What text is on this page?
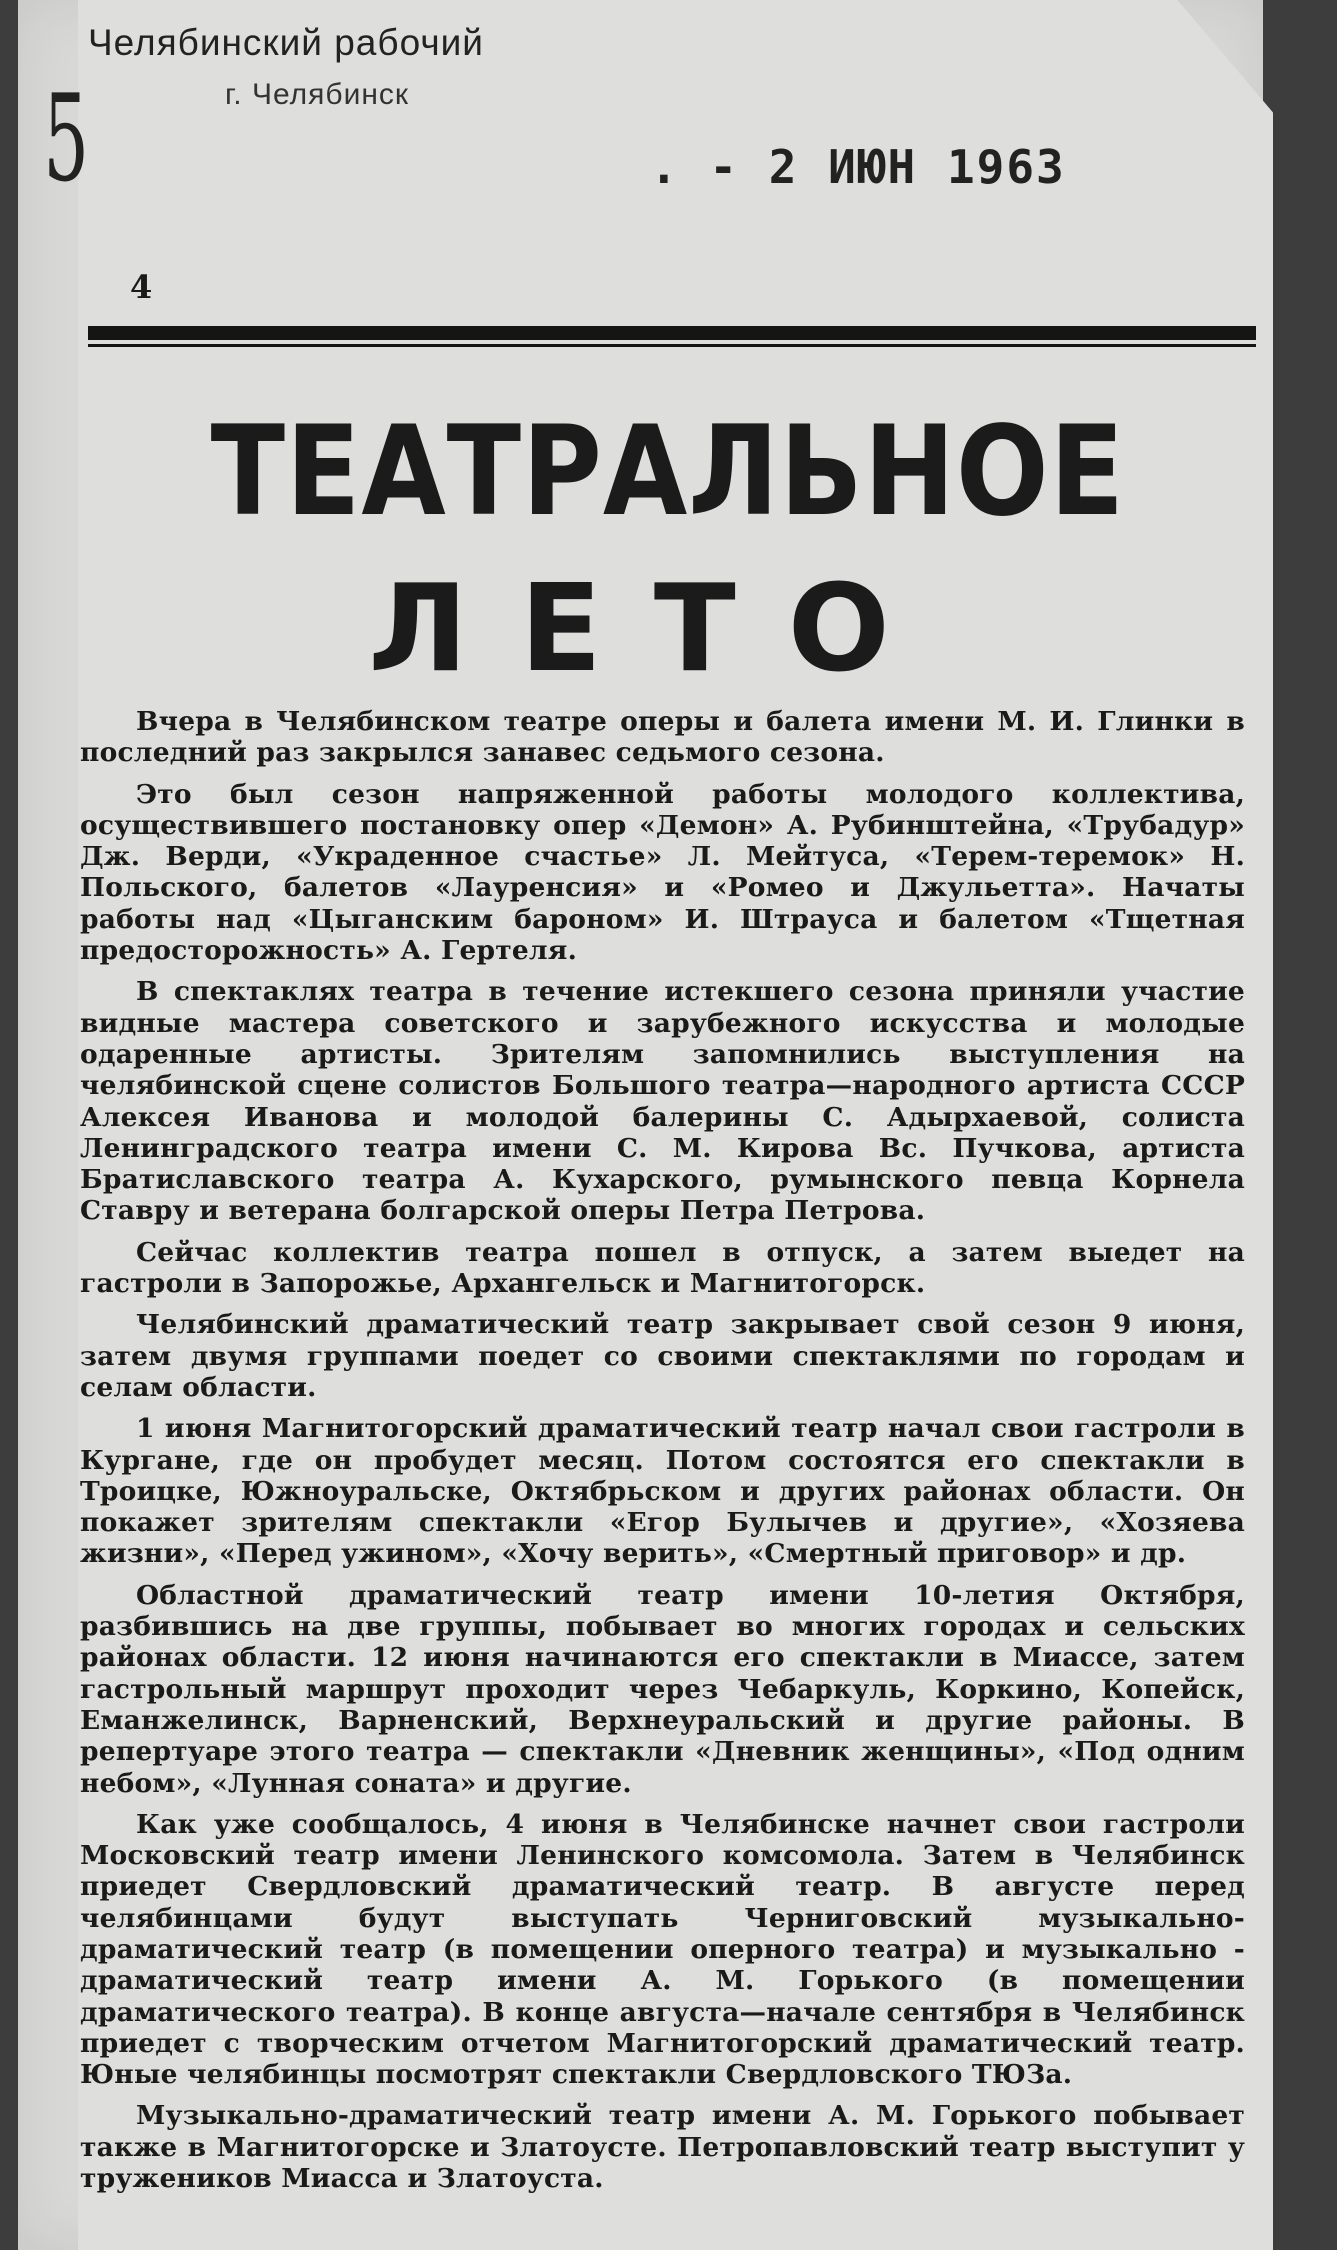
5
Челябинский рабочий
г. Челябинск
. - 2 ИЮН 1963
4
ТЕАТРАЛЬНОЕ
ЛЕТО

Вчера в Челябинском театре оперы и балета имени М. И. Глинки в последний раз закрылся занавес седьмого сезона.

Это был сезон напряженной работы молодого коллектива, осуществившего постановку опер «Демон» А. Рубинштейна, «Трубадур» Дж. Верди, «Украденное счастье» Л. Мейтуса, «Терем-теремок» Н. Польского, балетов «Лауренсия» и «Ромео и Джульетта». Начаты работы над «Цыганским бароном» И. Штрауса и балетом «Тщетная предосторожность» А. Гертеля.

В спектаклях театра в течение истекшего сезона приняли участие видные мастера советского и зарубежного искусства и молодые одаренные артисты. Зрителям запомнились выступления на челябинской сцене солистов Большого театра—народного артиста СССР Алексея Иванова и молодой балерины С. Адырхаевой, солиста Ленинградского театра имени С. М. Кирова Вс. Пучкова, артиста Братиславского театра А. Кухарского, румынского певца Корнела Ставру и ветерана болгарской оперы Петра Петрова.

Сейчас коллектив театра пошел в отпуск, а затем выедет на гастроли в Запорожье, Архангельск и Магнитогорск.

Челябинский драматический театр закрывает свой сезон 9 июня, затем двумя группами поедет со своими спектаклями по городам и селам области.

1 июня Магнитогорский драматический театр начал свои гастроли в Кургане, где он пробудет месяц. Потом состоятся его спектакли в Троицке, Южноуральске, Октябрьском и других районах области. Он покажет зрителям спектакли «Егор Булычев и другие», «Хозяева жизни», «Перед ужином», «Хочу верить», «Смертный приговор» и др.

Областной драматический театр имени 10-летия Октября, разбившись на две группы, побывает во многих городах и сельских районах области. 12 июня начинаются его спектакли в Миассе, затем гастрольный маршрут проходит через Чебаркуль, Коркино, Копейск, Еманжелинск, Варненский, Верхнеуральский и другие районы. В репертуаре этого театра — спектакли «Дневник женщины», «Под одним небом», «Лунная соната» и другие.

Как уже сообщалось, 4 июня в Челябинске начнет свои гастроли Московский театр имени Ленинского комсомола. Затем в Челябинск приедет Свердловский драматический театр. В августе перед челябинцами будут выступать Черниговский музыкально-драматический театр (в помещении оперного театра) и музыкально - драматический театр имени А. М. Горького (в помещении драматического театра). В конце августа—начале сентября в Челябинск приедет с творческим отчетом Магнитогорский драматический театр. Юные челябинцы посмотрят спектакли Свердловского ТЮЗа.

Музыкально-драматический театр имени А. М. Горького побывает также в Магнитогорске и Златоусте. Петропавловский театр выступит у тружеников Миасса и Златоуста.
